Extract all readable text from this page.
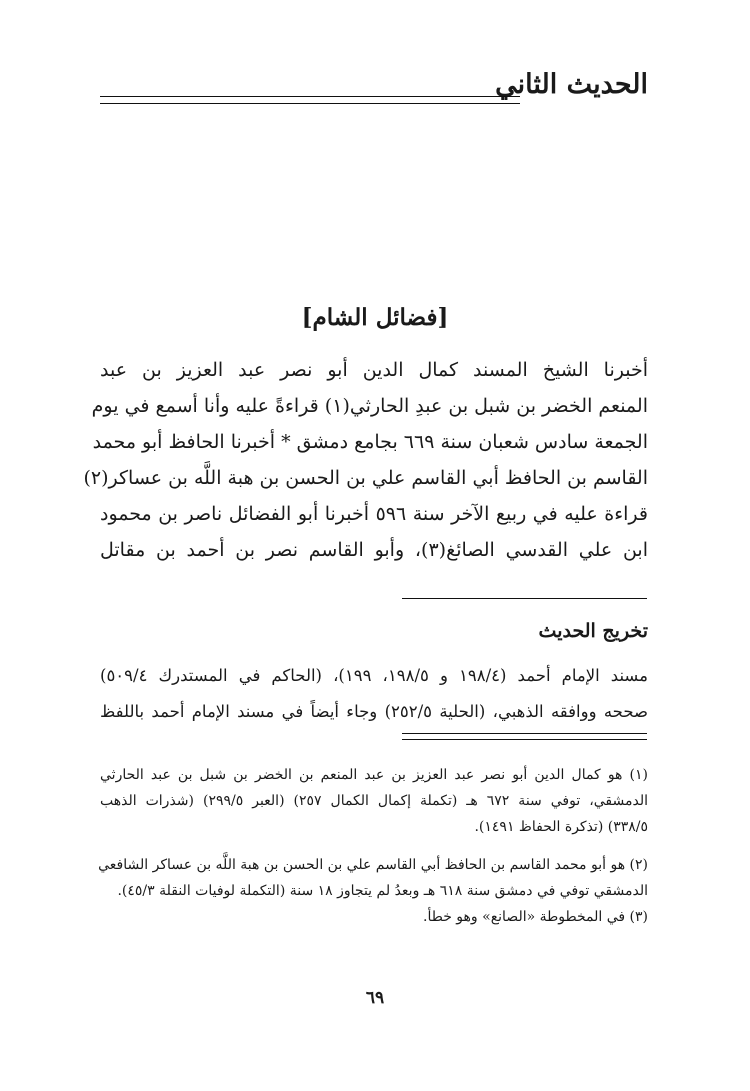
الحديث الثاني
[فضائل الشام]
أخبرنا الشيخ المسند كمال الدين أبو نصر عبد العزيز بن عبد
المنعم الخضر بن شبل بن عبدِ الحارثي(١) قراءةً عليه وأنا أسمع في يوم
الجمعة سادس شعبان سنة ٦٦٩ بجامع دمشق * أخبرنا الحافظ أبو محمد
القاسم بن الحافظ أبي القاسم علي بن الحسن بن هبة اللَّه بن عساكر(٢)
قراءة عليه في ربيع الآخر سنة ٥٩٦ أخبرنا أبو الفضائل ناصر بن محمود
ابن علي القدسي الصائغ(٣)، وأبو القاسم نصر بن أحمد بن مقاتل
تخريج الحديث
مسند الإمام أحمد (١٩٨/٤ و ١٩٨/٥، ١٩٩)، (الحاكم في المستدرك ٥٠٩/٤)
صححه ووافقه الذهبي، (الحلية ٢٥٢/٥) وجاء أيضاً في مسند الإمام أحمد باللفظ
(١) هو كمال الدين أبو نصر عبد العزيز بن عبد المنعم بن الخضر بن شبل بن عبد الحارثي
الدمشقي، توفي سنة ٦٧٢ هـ (تكملة إكمال الكمال ٢٥٧) (العبر ٢٩٩/٥) (شذرات الذهب
٣٣٨/٥) (تذكرة الحفاظ ١٤٩١).
(٢) هو أبو محمد القاسم بن الحافظ أبي القاسم علي بن الحسن بن هبة اللَّه بن عساكر الشافعي
الدمشقي توفي في دمشق سنة ٦١٨ هـ وبعدُ لم يتجاوز ١٨ سنة (التكملة لوفيات النقلة ٤٥/٣).
(٣) في المخطوطة «الصانع» وهو خطأ.
٦٩
